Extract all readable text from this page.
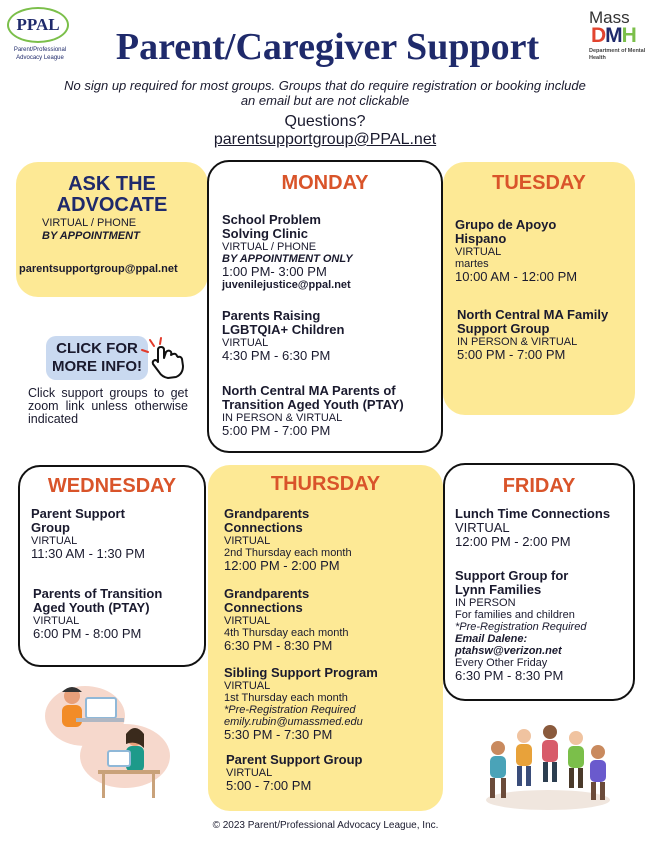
PPAL
Parent/Professional Advocacy League	Parent/Caregiver Support
Mass
DMH
Department of Mental Health
No sign up required for most groups. Groups that do require registration or booking include an email but are not clickable
Questions?
parentsupportgroup@PPAL.net
ASK THE ADVOCATE
VIRTUAL / PHONE
BY APPOINTMENT
parentsupportgroup@ppal.net
CLICK FOR MORE INFO!
Click support groups to get zoom link unless otherwise indicated
MONDAY
School Problem Solving Clinic
VIRTUAL / PHONE
BY APPOINTMENT ONLY
1:00 PM- 3:00 PM
juvenilejustice@ppal.net
Parents Raising LGBTQIA+ Children
VIRTUAL
4:30 PM - 6:30 PM
North Central MA Parents of Transition Aged Youth (PTAY)
IN PERSON & VIRTUAL
5:00 PM - 7:00 PM
TUESDAY
Grupo de Apoyo Hispano
VIRTUAL
martes
10:00 AM - 12:00 PM
North Central MA Family Support Group
IN PERSON & VIRTUAL
5:00 PM - 7:00 PM
WEDNESDAY
Parent Support Group
VIRTUAL
11:30 AM - 1:30 PM
Parents of Transition Aged Youth (PTAY)
VIRTUAL
6:00 PM - 8:00 PM
THURSDAY
Grandparents Connections
VIRTUAL
2nd Thursday each month
12:00 PM - 2:00 PM
Grandparents Connections
VIRTUAL
4th Thursday each month
6:30 PM - 8:30 PM
Sibling Support Program
VIRTUAL
1st Thursday each month
*Pre-Registration Required
emily.rubin@umassmed.edu
5:30 PM - 7:30 PM
Parent Support Group
VIRTUAL
5:00 - 7:00 PM
FRIDAY
Lunch Time Connections
VIRTUAL
12:00 PM - 2:00 PM
Support Group for Lynn Families
IN PERSON
For families and children
*Pre-Registration Required
Email Dalene:
ptahsw@verizon.net
Every Other Friday
6:30 PM - 8:30 PM
© 2023 Parent/Professional Advocacy League, Inc.
